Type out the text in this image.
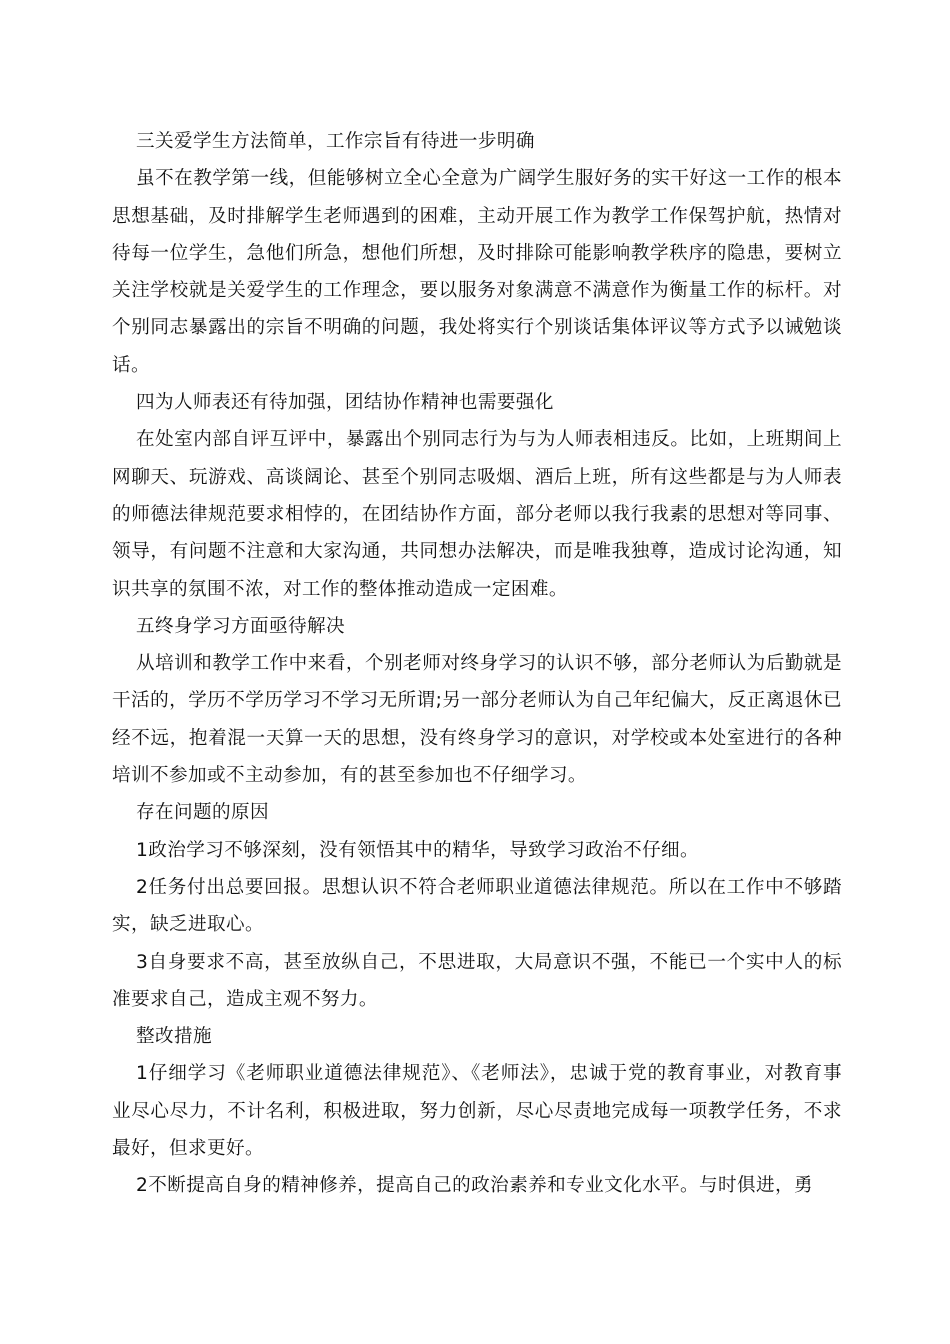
三关爱学生方法简单，工作宗旨有待进一步明确

虽不在教学第一线，但能够树立全心全意为广阔学生服好务的实干好这一工作的根本思想基础，及时排解学生老师遇到的困难，主动开展工作为教学工作保驾护航，热情对待每一位学生，急他们所急，想他们所想，及时排除可能影响教学秩序的隐患，要树立关注学校就是关爱学生的工作理念，要以服务对象满意不满意作为衡量工作的标杆。对个别同志暴露出的宗旨不明确的问题，我处将实行个别谈话集体评议等方式予以诫勉谈话。

四为人师表还有待加强，团结协作精神也需要强化

在处室内部自评互评中，暴露出个别同志行为与为人师表相违反。比如，上班期间上网聊天、玩游戏、高谈阔论、甚至个别同志吸烟、酒后上班，所有这些都是与为人师表的师德法律规范要求相悖的，在团结协作方面，部分老师以我行我素的思想对等同事、领导，有问题不注意和大家沟通，共同想办法解决，而是唯我独尊，造成讨论沟通，知识共享的氛围不浓，对工作的整体推动造成一定困难。

五终身学习方面亟待解决

从培训和教学工作中来看，个别老师对终身学习的认识不够，部分老师认为后勤就是干活的，学历不学历学习不学习无所谓;另一部分老师认为自己年纪偏大，反正离退休已经不远，抱着混一天算一天的思想，没有终身学习的意识，对学校或本处室进行的各种培训不参加或不主动参加，有的甚至参加也不仔细学习。

存在问题的原因

1政治学习不够深刻，没有领悟其中的精华，导致学习政治不仔细。

2任务付出总要回报。思想认识不符合老师职业道德法律规范。所以在工作中不够踏实，缺乏进取心。

3自身要求不高，甚至放纵自己，不思进取，大局意识不强，不能已一个实中人的标准要求自己，造成主观不努力。

整改措施

1仔细学习《老师职业道德法律规范》、《老师法》，忠诚于党的教育事业，对教育事业尽心尽力，不计名利，积极进取，努力创新，尽心尽责地完成每一项教学任务，不求最好，但求更好。

2不断提高自身的精神修养，提高自己的政治素养和专业文化水平。与时俱进，勇
